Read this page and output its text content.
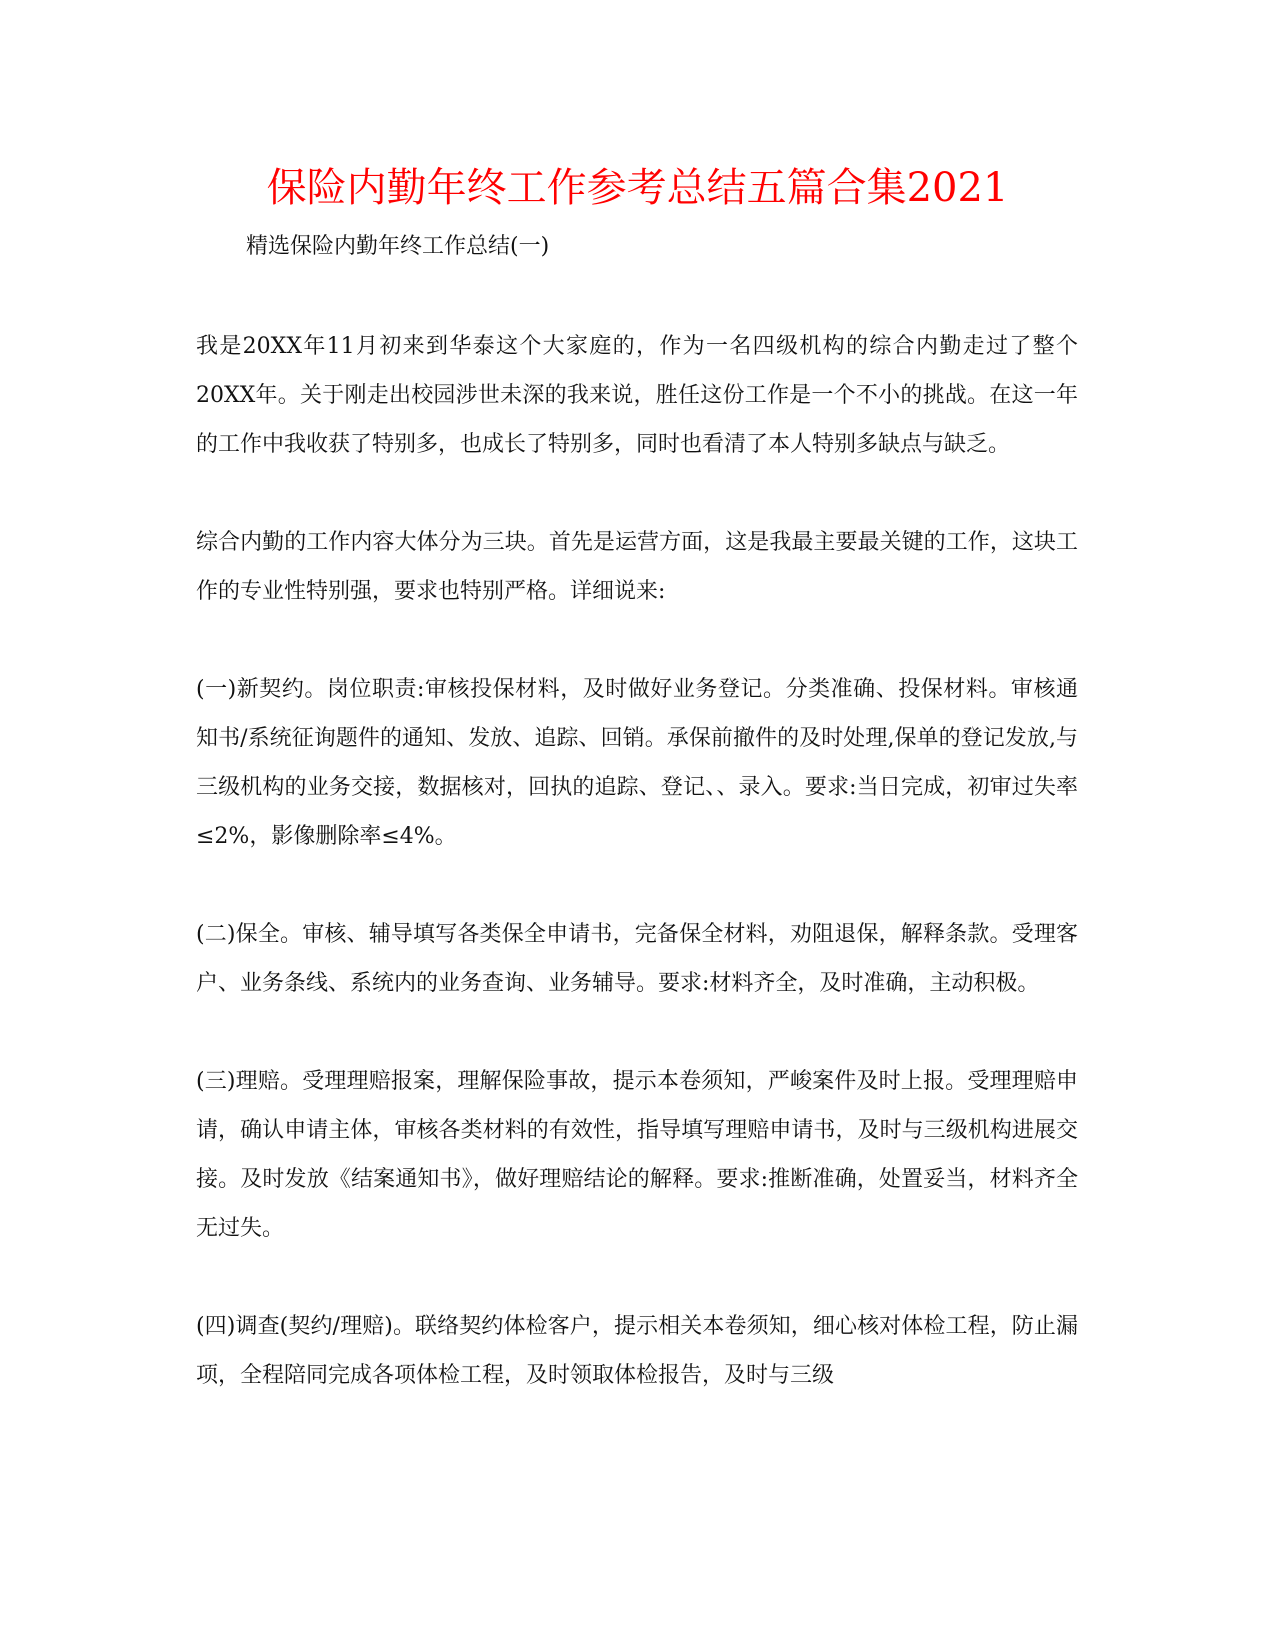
保险内勤年终工作参考总结五篇合集2021

精选保险内勤年终工作总结(一)

我是20XX年11月初来到华泰这个大家庭的，作为一名四级机构的综合内勤走过了整个20XX年。关于刚走出校园涉世未深的我来说，胜任这份工作是一个不小的挑战。在这一年的工作中我收获了特别多，也成长了特别多，同时也看清了本人特别多缺点与缺乏。

综合内勤的工作内容大体分为三块。首先是运营方面，这是我最主要最关键的工作，这块工作的专业性特别强，要求也特别严格。详细说来:

(一)新契约。岗位职责:审核投保材料，及时做好业务登记。分类准确、投保材料。审核通知书/系统征询题件的通知、发放、追踪、回销。承保前撤件的及时处理,保单的登记发放,与三级机构的业务交接，数据核对，回执的追踪、登记、、录入。要求:当日完成，初审过失率≤2%，影像删除率≤4%。

(二)保全。审核、辅导填写各类保全申请书，完备保全材料，劝阻退保，解释条款。受理客户、业务条线、系统内的业务查询、业务辅导。要求:材料齐全，及时准确，主动积极。

(三)理赔。受理理赔报案，理解保险事故，提示本卷须知，严峻案件及时上报。受理理赔申请，确认申请主体，审核各类材料的有效性，指导填写理赔申请书，及时与三级机构进展交接。及时发放《结案通知书》，做好理赔结论的解释。要求:推断准确，处置妥当，材料齐全无过失。

(四)调查(契约/理赔)。联络契约体检客户，提示相关本卷须知，细心核对体检工程，防止漏项，全程陪同完成各项体检工程，及时领取体检报告，及时与三级
